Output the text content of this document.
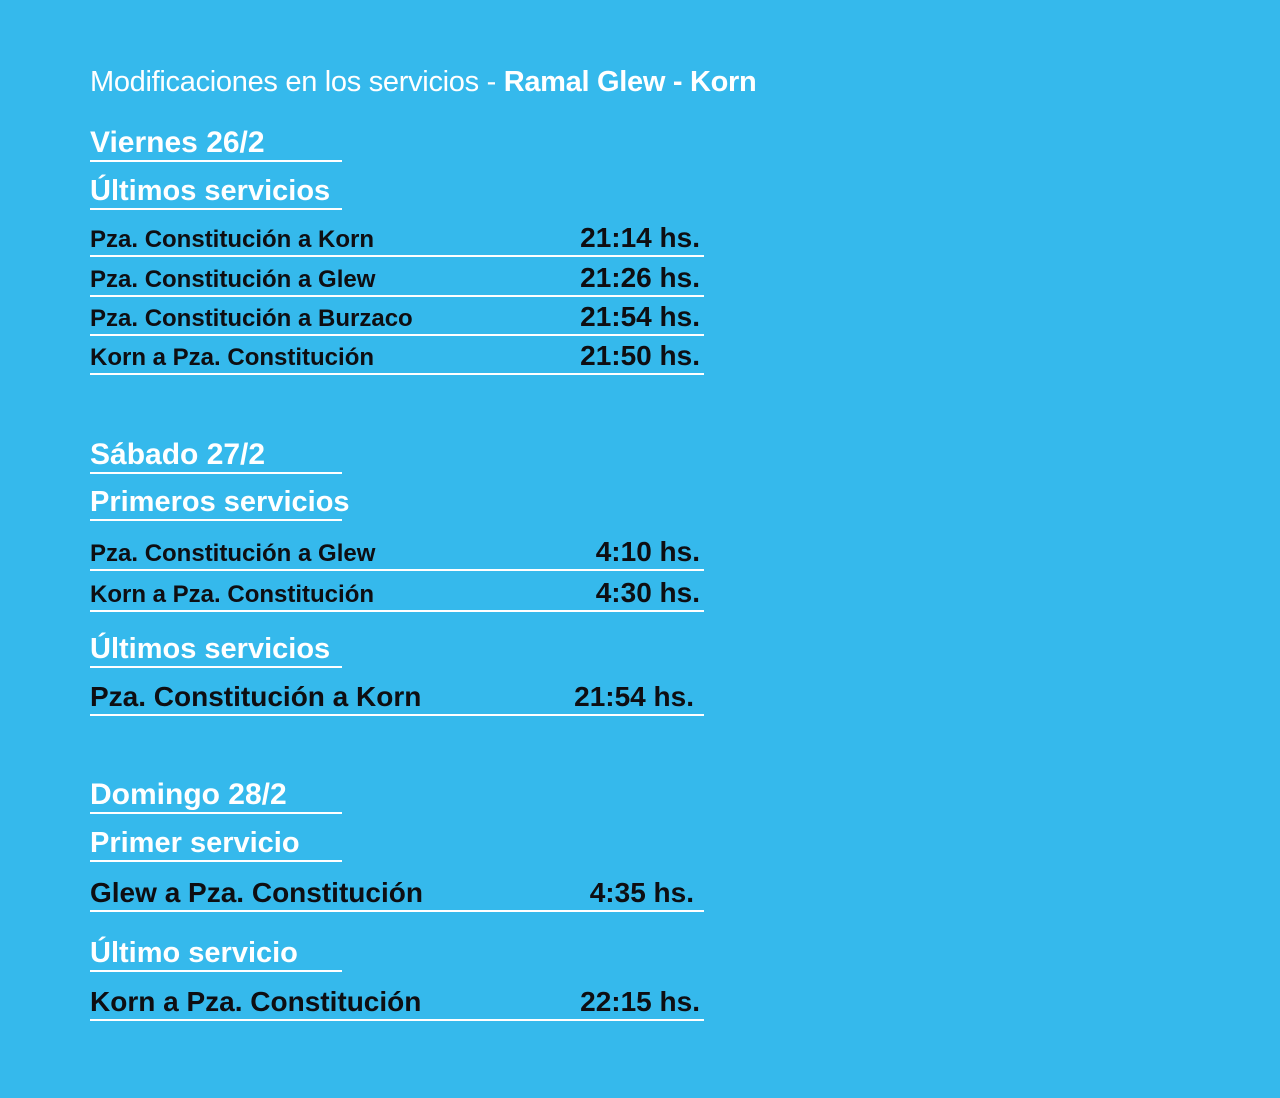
Modificaciones en los servicios - Ramal Glew - Korn
Viernes 26/2
Últimos servicios
Pza. Constitución a Korn	21:14 hs.
Pza. Constitución a Glew	21:26 hs.
Pza. Constitución a Burzaco	21:54 hs.
Korn a Pza. Constitución	21:50 hs.
Sábado 27/2
Primeros servicios
Pza. Constitución a Glew	4:10 hs.
Korn a Pza. Constitución	4:30 hs.
Últimos servicios
Pza. Constitución a Korn	21:54 hs.
Domingo 28/2
Primer servicio
Glew a Pza. Constitución	4:35 hs.
Último servicio
Korn a Pza. Constitución	22:15 hs.
